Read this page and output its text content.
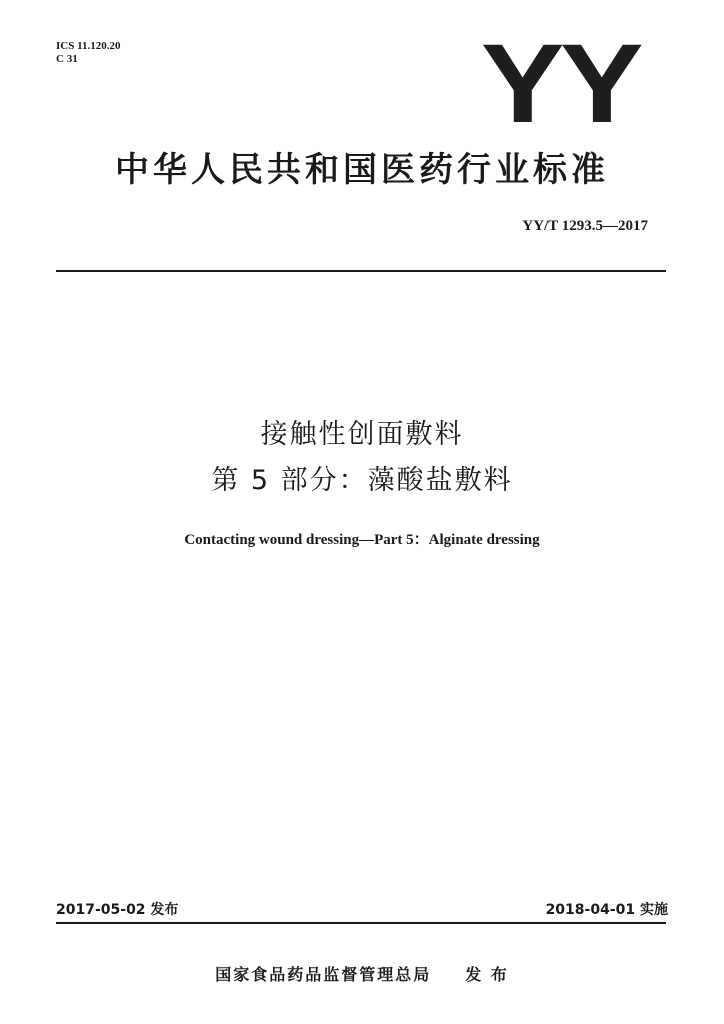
ICS 11.120.20
C 31	YY
中华人民共和国医药行业标准
YY/T 1293.5—2017
接触性创面敷料
第 5 部分：藻酸盐敷料
Contacting wound dressing—Part 5：Alginate dressing
2017-05-02 发布	2018-04-01 实施
国家食品药品监督管理总局 发 布
